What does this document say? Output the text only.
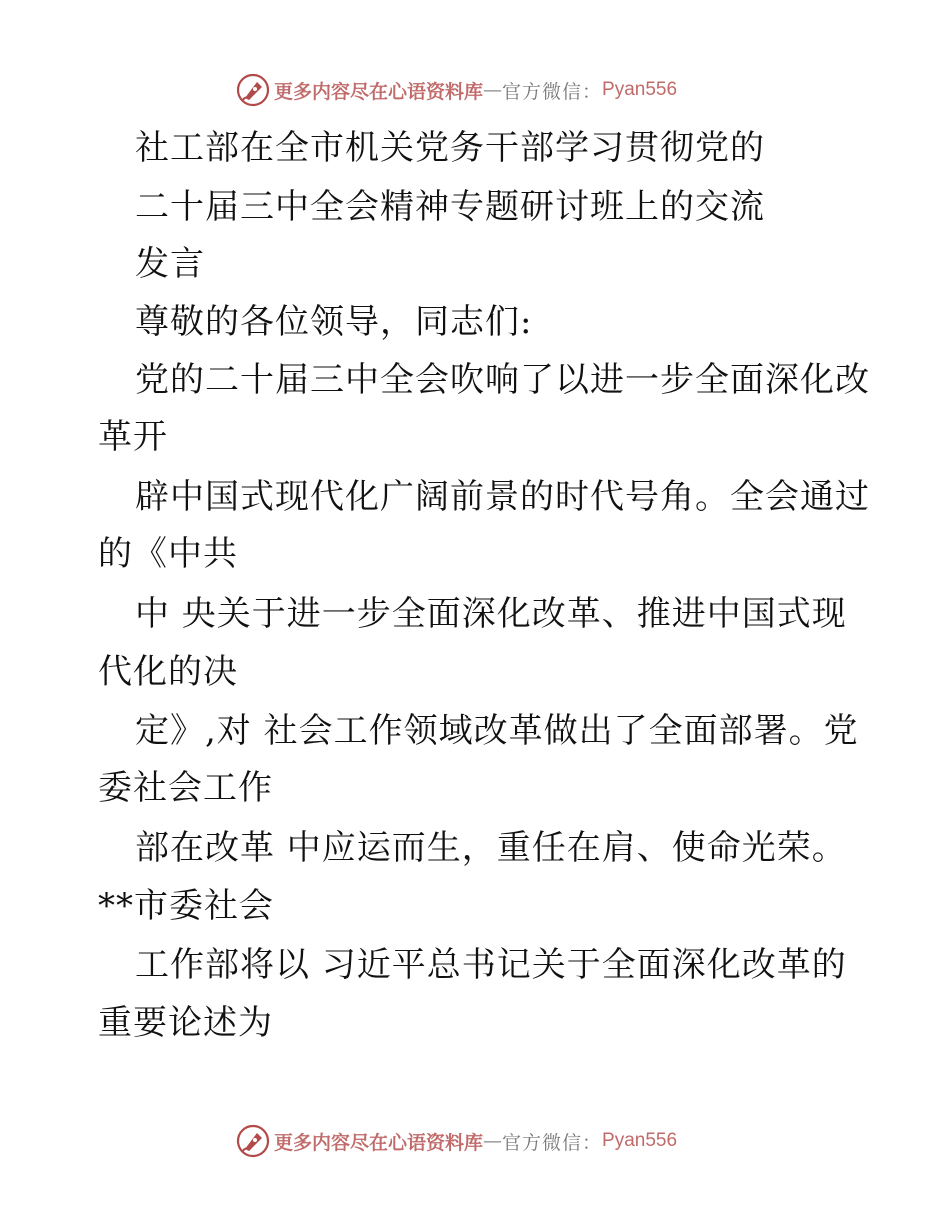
更多内容尽在心语资料库 — 官方微信： Pyan556
社工部在全市机关党务干部学习贯彻党的
二十届三中全会精神专题研讨班上的交流
发言
尊敬的各位领导，同志们:
党的二十届三中全会吹响了以进一步全面深化改
革开
辟中国式现代化广阔前景的时代号角。全会通过
的《中共
中 央关于进一步全面深化改革、推进中国式现
代化的决
定》,对 社会工作领域改革做出了全面部署。党
委社会工作
部在改革 中应运而生，重任在肩、使命光荣。
**市委社会
工作部将以 习近平总书记关于全面深化改革的
重要论述为
更多内容尽在心语资料库 — 官方微信： Pyan556
